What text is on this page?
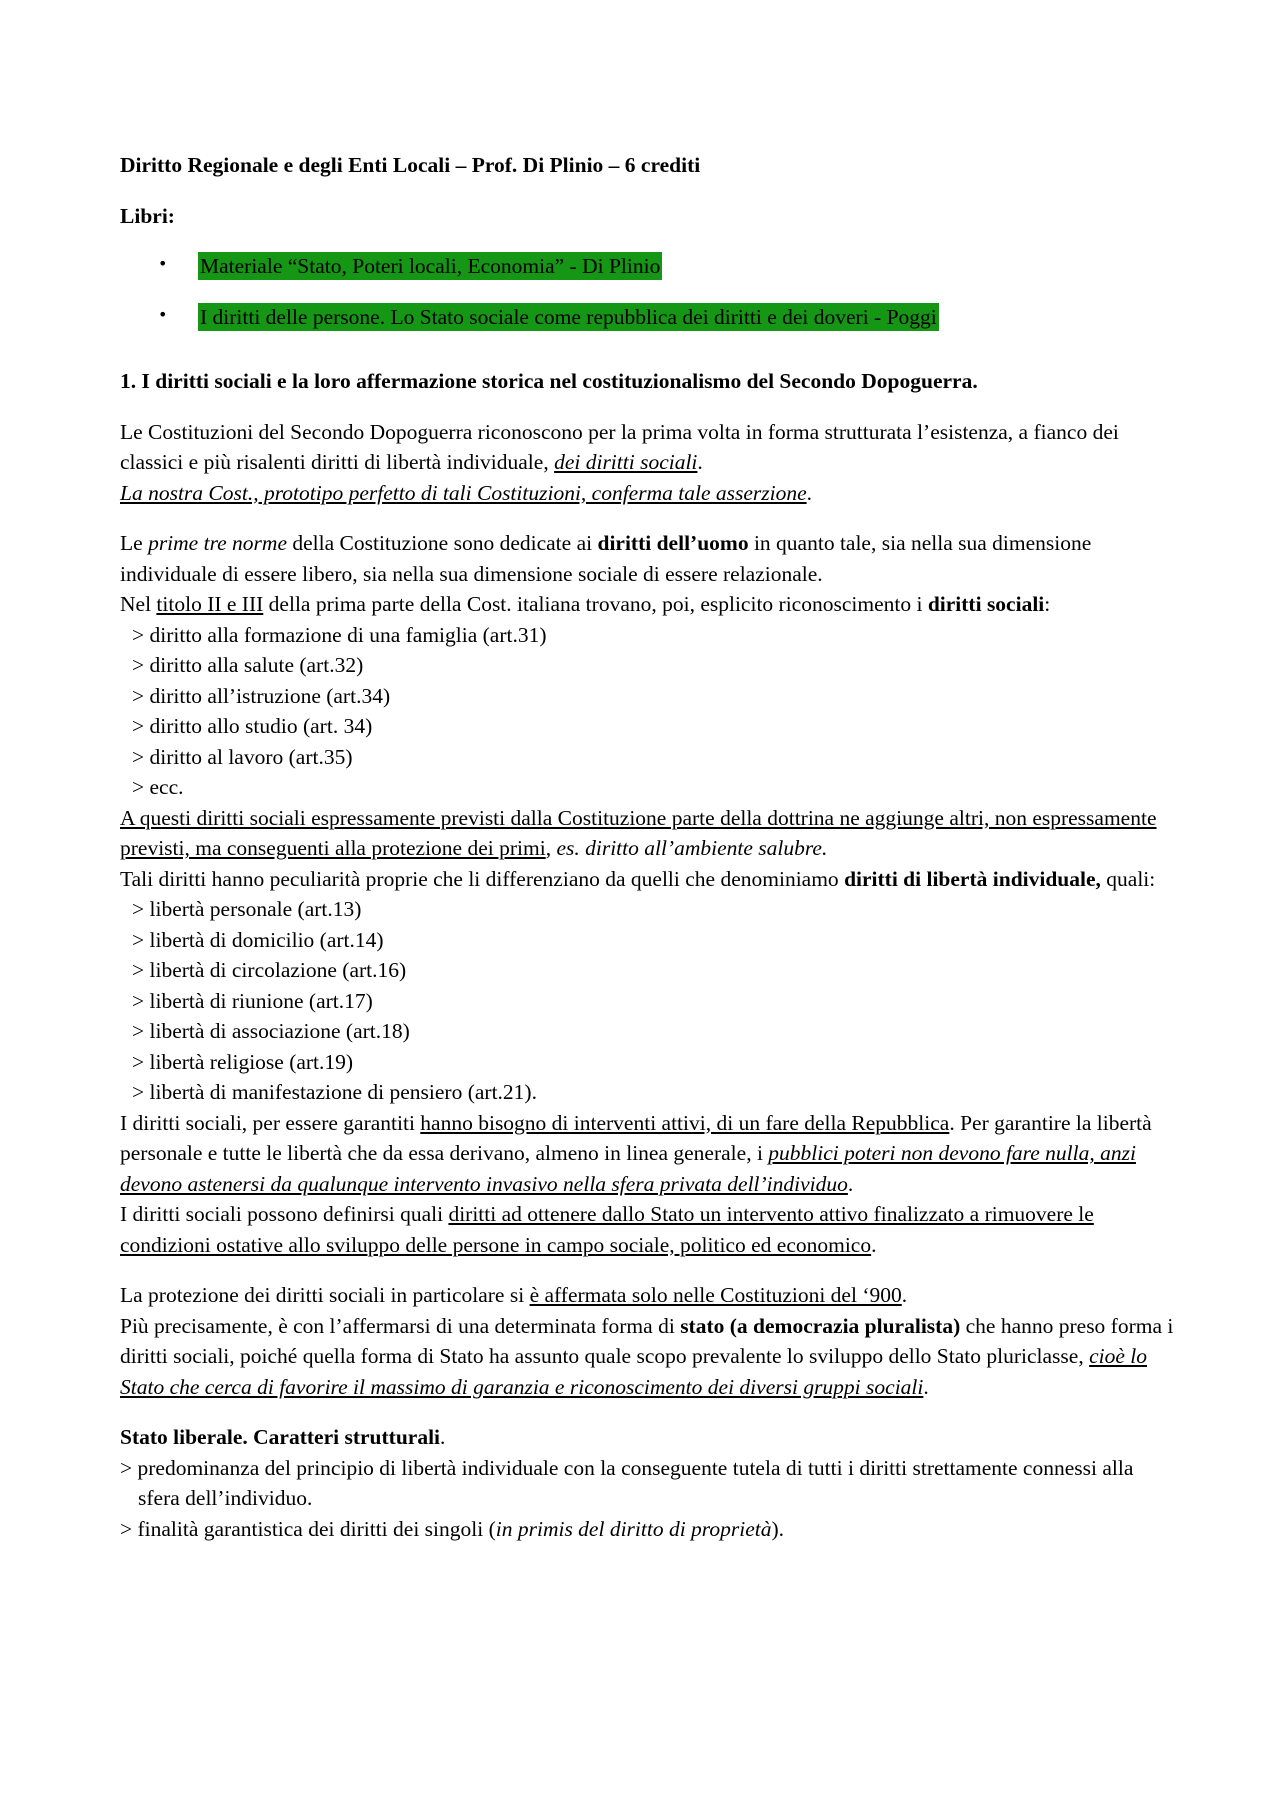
Diritto Regionale e degli Enti Locali – Prof. Di Plinio – 6 crediti

Libri:

• Materiale “Stato, Poteri locali, Economia” - Di Plinio
• I diritti delle persone. Lo Stato sociale come repubblica dei diritti e dei doveri - Poggi

1. I diritti sociali e la loro affermazione storica nel costituzionalismo del Secondo Dopoguerra.

Le Costituzioni del Secondo Dopoguerra riconoscono per la prima volta in forma strutturata l’esistenza, a fianco dei classici e più risalenti diritti di libertà individuale, dei diritti sociali.
La nostra Cost., prototipo perfetto di tali Costituzioni, conferma tale asserzione.

Le prime tre norme della Costituzione sono dedicate ai diritti dell’uomo in quanto tale, sia nella sua dimensione individuale di essere libero, sia nella sua dimensione sociale di essere relazionale.

Nel titolo II e III della prima parte della Cost. italiana trovano, poi, esplicito riconoscimento i diritti sociali:

> diritto alla formazione di una famiglia (art.31)
> diritto alla salute (art.32)
> diritto all’istruzione (art.34)
> diritto allo studio (art. 34)
> diritto al lavoro (art.35)
> ecc.

A questi diritti sociali espressamente previsti dalla Costituzione parte della dottrina ne aggiunge altri, non espressamente previsti, ma conseguenti alla protezione dei primi, es. diritto all’ambiente salubre.

Tali diritti hanno peculiarità proprie che li differenziano da quelli che denominiamo diritti di libertà individuale, quali:

> libertà personale (art.13)
> libertà di domicilio (art.14)
> libertà di circolazione (art.16)
> libertà di riunione (art.17)
> libertà di associazione (art.18)
> libertà religiose (art.19)
> libertà di manifestazione di pensiero (art.21).

I diritti sociali, per essere garantiti hanno bisogno di interventi attivi, di un fare della Repubblica. Per garantire la libertà personale e tutte le libertà che da essa derivano, almeno in linea generale, i pubblici poteri non devono fare nulla, anzi devono astenersi da qualunque intervento invasivo nella sfera privata dell’individuo.

I diritti sociali possono definirsi quali diritti ad ottenere dallo Stato un intervento attivo finalizzato a rimuovere le condizioni ostative allo sviluppo delle persone in campo sociale, politico ed economico.

La protezione dei diritti sociali in particolare si è affermata solo nelle Costituzioni del ‘900.

Più precisamente, è con l’affermarsi di una determinata forma di stato (a democrazia pluralista) che hanno preso forma i diritti sociali, poiché quella forma di Stato ha assunto quale scopo prevalente lo sviluppo dello Stato pluriclasse, cioè lo Stato che cerca di favorire il massimo di garanzia e riconoscimento dei diversi gruppi sociali.

Stato liberale. Caratteri strutturali.

> predominanza del principio di libertà individuale con la conseguente tutela di tutti i diritti strettamente connessi alla sfera dell’individuo.
> finalità garantistica dei diritti dei singoli (in primis del diritto di proprietà).
